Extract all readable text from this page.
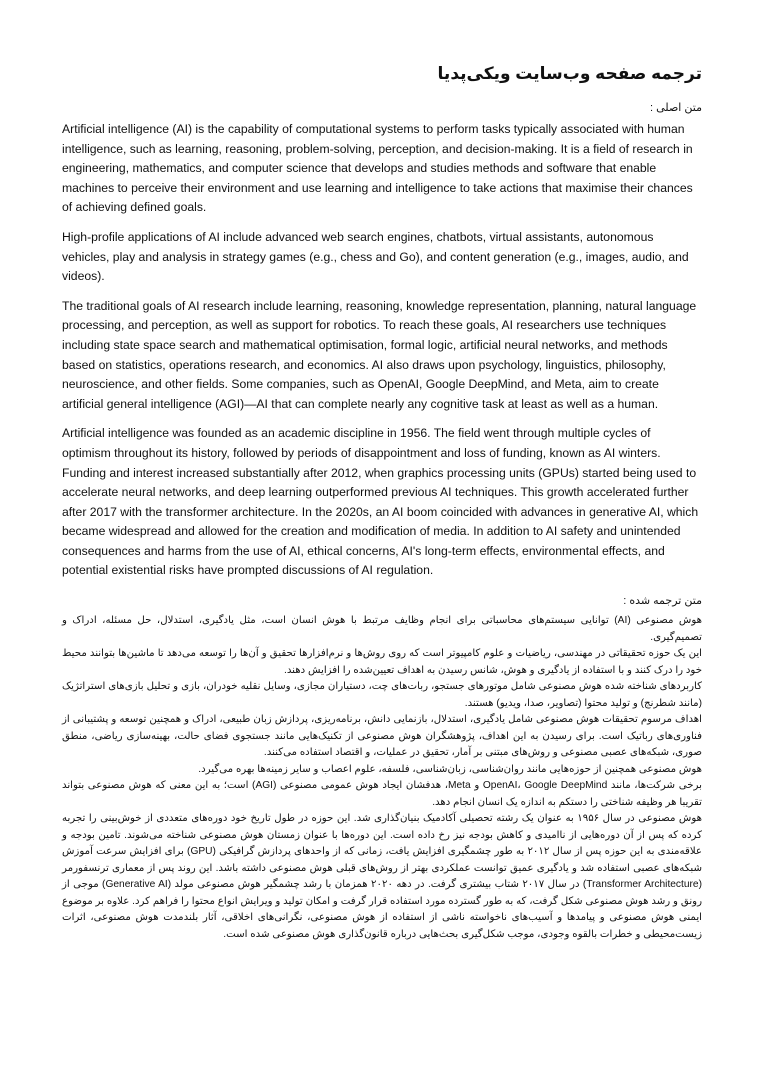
ترجمه صفحه وب‌سایت ویکی‌پدیا
متن اصلی :

Artificial intelligence (AI) is the capability of computational systems to perform tasks typically associated with human intelligence, such as learning, reasoning, problem-solving, perception, and decision-making. It is a field of research in engineering, mathematics, and computer science that develops and studies methods and software that enable machines to perceive their environment and use learning and intelligence to take actions that maximise their chances of achieving defined goals.

High-profile applications of AI include advanced web search engines, chatbots, virtual assistants, autonomous vehicles, play and analysis in strategy games (e.g., chess and Go), and content generation (e.g., images, audio, and videos).

The traditional goals of AI research include learning, reasoning, knowledge representation, planning, natural language processing, and perception, as well as support for robotics. To reach these goals, AI researchers use techniques including state space search and mathematical optimisation, formal logic, artificial neural networks, and methods based on statistics, operations research, and economics. AI also draws upon psychology, linguistics, philosophy, neuroscience, and other fields. Some companies, such as OpenAI, Google DeepMind, and Meta, aim to create artificial general intelligence (AGI)—AI that can complete nearly any cognitive task at least as well as a human.

Artificial intelligence was founded as an academic discipline in 1956. The field went through multiple cycles of optimism throughout its history, followed by periods of disappointment and loss of funding, known as AI winters. Funding and interest increased substantially after 2012, when graphics processing units (GPUs) started being used to accelerate neural networks, and deep learning outperformed previous AI techniques. This growth accelerated further after 2017 with the transformer architecture. In the 2020s, an AI boom coincided with advances in generative AI, which became widespread and allowed for the creation and modification of media. In addition to AI safety and unintended consequences and harms from the use of AI, ethical concerns, AI's long-term effects, environmental effects, and potential existential risks have prompted discussions of AI regulation.

متن ترجمه شده :

هوش مصنوعی (AI) توانایی سیستم‌های محاسباتی برای انجام وظایف مرتبط با هوش انسان است، مثل یادگیری، استدلال، حل مسئله، ادراک و تصمیم‌گیری.

این یک حوزه تحقیقاتی در مهندسی، ریاضیات و علوم کامپیوتر است که روی روش‌ها و نرم‌افزارها تحقیق و آن‌ها را توسعه می‌دهد تا ماشین‌ها بتوانند محیط خود را درک کنند و با استفاده از یادگیری و هوش، شانس رسیدن به اهداف تعیین‌شده را افزایش دهند.

کاربردهای شناخته شده هوش مصنوعی شامل موتورهای جستجو، ربات‌های چت، دستیاران مجازی، وسایل نقلیه خودران، بازی و تحلیل بازی‌های استراتژیک (مانند شطرنج) و تولید محتوا (تصاویر، صدا، ویدیو) هستند.

اهداف مرسوم تحقیقات هوش مصنوعی شامل یادگیری، استدلال، بازنمایی دانش، برنامه‌ریزی، پردازش زبان طبیعی، ادراک و همچنین توسعه و پشتیبانی از فناوری‌های رباتیک است. برای رسیدن به این اهداف، پژوهشگران هوش مصنوعی از تکنیک‌هایی مانند جستجوی فضای حالت، بهینه‌سازی ریاضی، منطق صوری، شبکه‌های عصبی مصنوعی و روش‌های مبتنی بر آمار، تحقیق در عملیات، و اقتصاد استفاده می‌کنند.

هوش مصنوعی همچنین از حوزه‌هایی مانند روان‌شناسی، زبان‌شناسی، فلسفه، علوم اعصاب و سایر زمینه‌ها بهره می‌گیرد.

برخی شرکت‌ها، مانند OpenAI، Google DeepMind و Meta، هدفشان ایجاد هوش عمومی مصنوعی (AGI) است؛ به این معنی که هوش مصنوعی بتواند تقریبا هر وظیفه شناختی را دستکم به اندازه یک انسان انجام دهد.

هوش مصنوعی در سال ۱۹۵۶ به عنوان یک رشته تحصیلی آکادمیک بنیان‌گذاری شد. این حوزه در طول تاریخ خود دوره‌های متعددی از خوش‌بینی را تجربه کرده که پس از آن دوره‌هایی از ناامیدی و کاهش بودجه نیز رخ داده است. این دوره‌ها با عنوان زمستان هوش مصنوعی شناخته می‌شوند. تامین بودجه و علاقه‌مندی به این حوزه پس از سال ۲۰۱۲ به طور چشمگیری افزایش یافت، زمانی که از واحدهای پردازش گرافیکی (GPU) برای افزایش سرعت آموزش شبکه‌های عصبی استفاده شد و یادگیری عمیق توانست عملکردی بهتر از روش‌های قبلی هوش مصنوعی داشته باشد. این روند پس از معماری ترنسفورمر (Transformer Architecture) در سال ۲۰۱۷ شتاب بیشتری گرفت. در دهه ۲۰۲۰ همزمان با رشد چشمگیر هوش مصنوعی مولد (Generative AI) موجی از رونق و رشد هوش مصنوعی شکل گرفت، که به طور گسترده مورد استفاده قرار گرفت و امکان تولید و ویرایش انواع محتوا را فراهم کرد. علاوه بر موضوع ایمنی هوش مصنوعی و پیامدها و آسیب‌های ناخواسته ناشی از استفاده از هوش مصنوعی، نگرانی‌های اخلاقی، آثار بلندمدت هوش مصنوعی، اثرات زیست‌محیطی و خطرات بالقوه وجودی، موجب شکل‌گیری بحث‌هایی درباره قانون‌گذاری هوش مصنوعی شده است.
